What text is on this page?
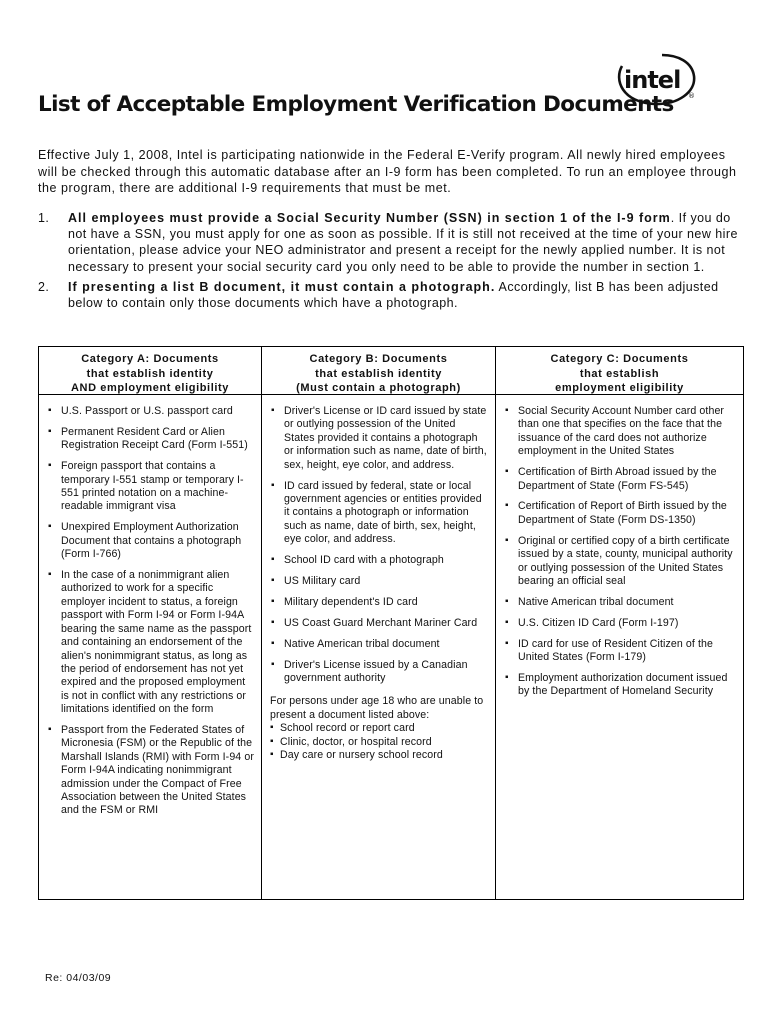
intel
®
List of Acceptable Employment Verification Documents

Effective July 1, 2008, Intel is participating nationwide in the Federal E-Verify program. All newly hired employees will be checked through this automatic database after an I-9 form has been completed. To run an employee through the program, there are additional I-9 requirements that must be met.

1. All employees must provide a Social Security Number (SSN) in section 1 of the I-9 form. If you do not have a SSN, you must apply for one as soon as possible. If it is still not received at the time of your new hire orientation, please advice your NEO administrator and present a receipt for the newly applied number. It is not necessary to present your social security card you only need to be able to provide the number in section 1.
2. If presenting a list B document, it must contain a photograph. Accordingly, list B has been adjusted below to contain only those documents which have a photograph.
Category A: Documents
that establish identity
AND employment eligibility
▪ U.S. Passport or U.S. passport card
▪ Permanent Resident Card or Alien Registration Receipt Card (Form I-551)
▪ Foreign passport that contains a temporary I-551 stamp or temporary I-551 printed notation on a machine-readable immigrant visa
▪ Unexpired Employment Authorization Document that contains a photograph (Form I-766)
▪ In the case of a nonimmigrant alien authorized to work for a specific employer incident to status, a foreign passport with Form I-94 or Form I-94A bearing the same name as the passport and containing an endorsement of the alien's nonimmigrant status, as long as the period of endorsement has not yet expired and the proposed employment is not in conflict with any restrictions or limitations identified on the form
▪ Passport from the Federated States of Micronesia (FSM) or the Republic of the Marshall Islands (RMI) with Form I-94 or Form I-94A indicating nonimmigrant admission under the Compact of Free Association between the United States and the FSM or RMI
Category B: Documents
that establish identity
(Must contain a photograph)
▪ Driver's License or ID card issued by state or outlying possession of the United States provided it contains a photograph or information such as name, date of birth, sex, height, eye color, and address.
▪ ID card issued by federal, state or local government agencies or entities provided it contains a photograph or information such as name, date of birth, sex, height, eye color, and address.
▪ School ID card with a photograph
▪ US Military card
▪ Military dependent's ID card
▪ US Coast Guard Merchant Mariner Card
▪ Native American tribal document
▪ Driver's License issued by a Canadian government authority

For persons under age 18 who are unable to present a document listed above:

▪ School record or report card
▪ Clinic, doctor, or hospital record
▪ Day care or nursery school record
Category C: Documents
that establish
employment eligibility
▪ Social Security Account Number card other than one that specifies on the face that the issuance of the card does not authorize employment in the United States
▪ Certification of Birth Abroad issued by the Department of State (Form FS-545)
▪ Certification of Report of Birth issued by the Department of State (Form DS-1350)
▪ Original or certified copy of a birth certificate issued by a state, county, municipal authority or outlying possession of the United States bearing an official seal
▪ Native American tribal document
▪ U.S. Citizen ID Card (Form I-197)
▪ ID card for use of Resident Citizen of the United States (Form I-179)
▪ Employment authorization document issued by the Department of Homeland Security

Re: 04/03/09
